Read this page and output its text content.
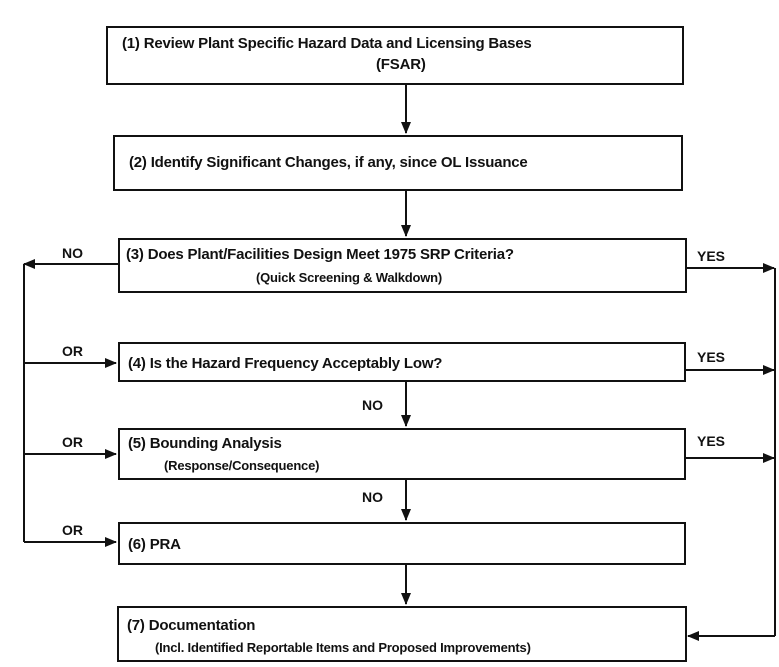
(1) Review Plant Specific Hazard Data and Licensing Bases
(FSAR)
(2) Identify Significant Changes, if any, since OL Issuance
(3) Does Plant/Facilities Design Meet 1975 SRP Criteria?
(Quick Screening & Walkdown)
(4) Is the Hazard Frequency Acceptably Low?
(5) Bounding Analysis
(Response/Consequence)
(6) PRA
(7) Documentation
(Incl. Identified Reportable Items and Proposed Improvements)
NO	YES
OR	YES
NO
OR	YES
NO
OR
